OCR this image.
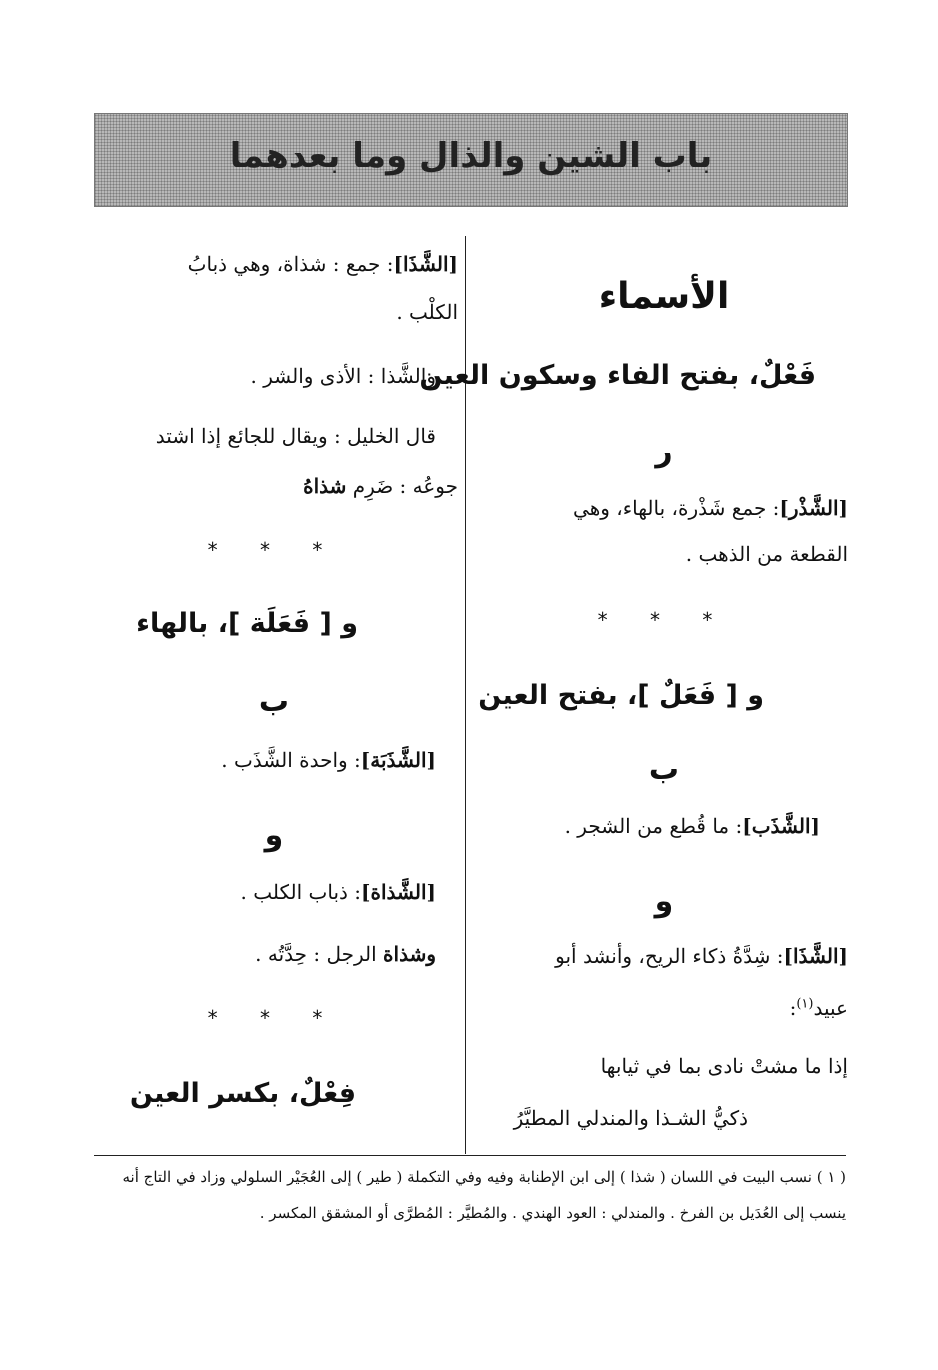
باب الشين والذال وما بعدهما
الأسماء
فَعْلٌ، بفتح الفاء وسكون العين
ر
[الشَّذْر]: جمع شَذْرة، بالهاء، وهي
القطعة من الذهب .
* * *
و [ فَعَلٌ ]، بفتح العين
ب
[الشَّذَب]: ما قُطع من الشجر .
و
[الشَّذَا]: شِدَّةُ ذكاء الريح، وأنشد أبو
عبيد$^{(١)}$:
إذا ما مشتْ نادى بما في ثيابها
ذكيُّ الشـذا والمندلي المطيَّرُ
[الشَّذَا]: جمع : شذاة، وهي ذبابُ
الكلْب .
والشَّذا : الأذى والشر .
قال الخليل : ويقال للجائع إذا اشتد
جوعُه : ضَرِم شذاهُ
* * *
و [ فَعَلَة ]، بالهاء
ب
[الشَّذَبَة]: واحدة الشَّذَب .
و
[الشَّذاة]: ذباب الكلب .
وشذاة الرجل : حِدَّتُه .
* * *
فِعْلٌ، بكسر العين
( ١ ) نسب البيت في اللسان ( شذا ) إلى ابن الإطنابة وفيه وفي التكملة ( طير ) إلى العُجَيْر السلولي وزاد في التاج أنه
ينسب إلى العُدَيل بن الفرخ . والمندلي : العود الهندي . والمُطيَّر : المُطرَّى أو المشقق المكسر .
